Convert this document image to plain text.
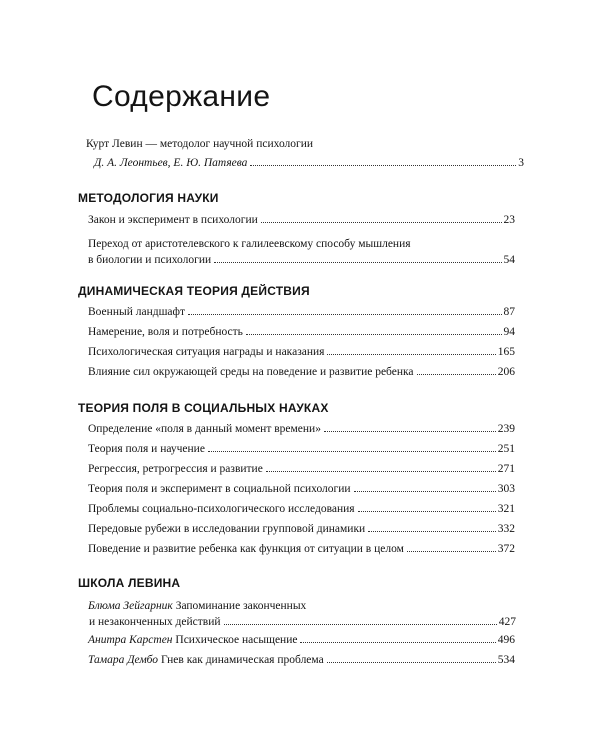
Содержание
Курт Левин — методолог научной психологии
Д. А. Леонтьев, Е. Ю. Патяева	3
МЕТОДОЛОГИЯ НАУКИ
Закон и эксперимент в психологии	23
Переход от аристотелевского к галилеевскому способу мышления
в биологии и психологии	54
ДИНАМИЧЕСКАЯ ТЕОРИЯ ДЕЙСТВИЯ
Военный ландшафт	87
Намерение, воля и потребность	94
Психологическая ситуация награды и наказания	165
Влияние сил окружающей среды на поведение и развитие ребенка	206
ТЕОРИЯ ПОЛЯ В СОЦИАЛЬНЫХ НАУКАХ
Определение «поля в данный момент времени»	239
Теория поля и научение	251
Регрессия, ретрогрессия и развитие	271
Теория поля и эксперимент в социальной психологии	303
Проблемы социально-психологического исследования	321
Передовые рубежи в исследовании групповой динамики	332
Поведение и развитие ребенка как функция от ситуации в целом	372
ШКОЛА ЛЕВИНА
Блюма Зейгарник Запоминание законченных
и незаконченных действий	427
Анитра Карстен Психическое насыщение	496
Тамара Дембо Гнев как динамическая проблема	534
